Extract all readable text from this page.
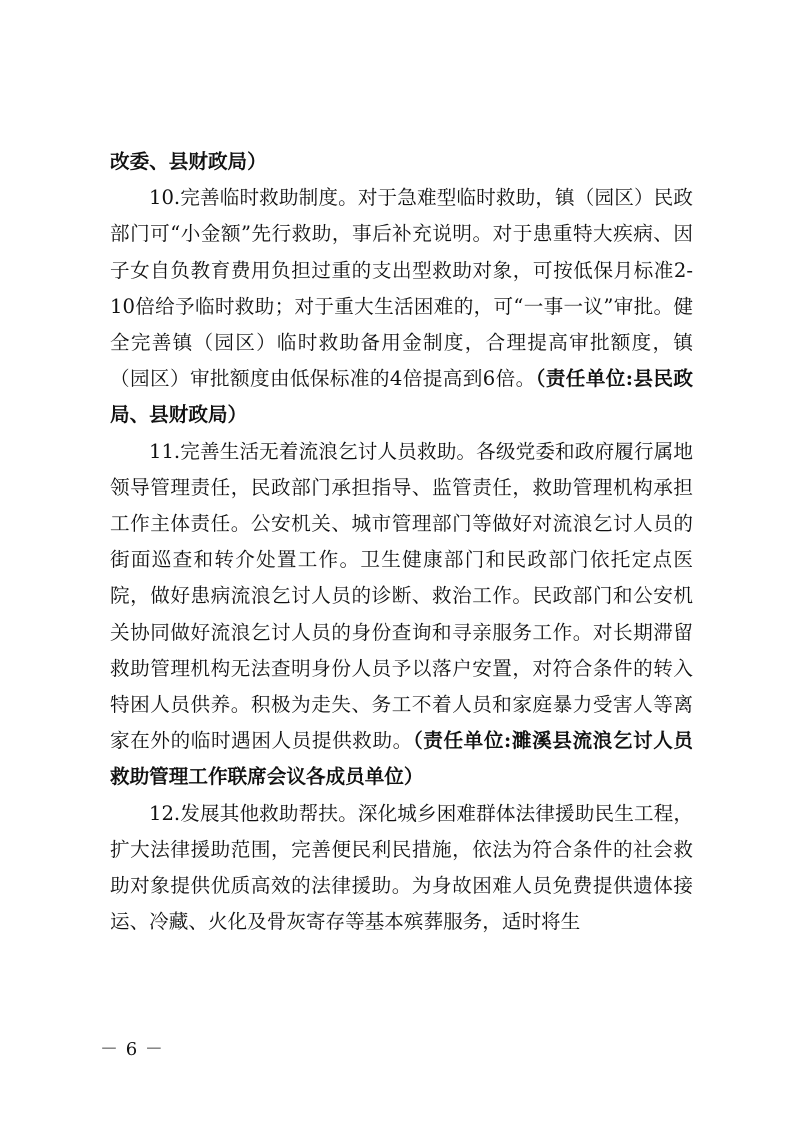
改委、县财政局）

10.完善临时救助制度。对于急难型临时救助，镇（园区）民政部门可“小金额”先行救助，事后补充说明。对于患重特大疾病、因子女自负教育费用负担过重的支出型救助对象，可按低保月标准2-10倍给予临时救助；对于重大生活困难的，可“一事一议”审批。健全完善镇（园区）临时救助备用金制度，合理提高审批额度，镇（园区）审批额度由低保标准的4倍提高到6倍。（责任单位:县民政局、县财政局）

11.完善生活无着流浪乞讨人员救助。各级党委和政府履行属地领导管理责任，民政部门承担指导、监管责任，救助管理机构承担工作主体责任。公安机关、城市管理部门等做好对流浪乞讨人员的街面巡查和转介处置工作。卫生健康部门和民政部门依托定点医院，做好患病流浪乞讨人员的诊断、救治工作。民政部门和公安机关协同做好流浪乞讨人员的身份查询和寻亲服务工作。对长期滞留救助管理机构无法查明身份人员予以落户安置，对符合条件的转入特困人员供养。积极为走失、务工不着人员和家庭暴力受害人等离家在外的临时遇困人员提供救助。（责任单位:濉溪县流浪乞讨人员救助管理工作联席会议各成员单位）

12.发展其他救助帮扶。深化城乡困难群体法律援助民生工程，扩大法律援助范围，完善便民利民措施，依法为符合条件的社会救助对象提供优质高效的法律援助。为身故困难人员免费提供遗体接运、冷藏、火化及骨灰寄存等基本殡葬服务，适时将生

－ 6 －
